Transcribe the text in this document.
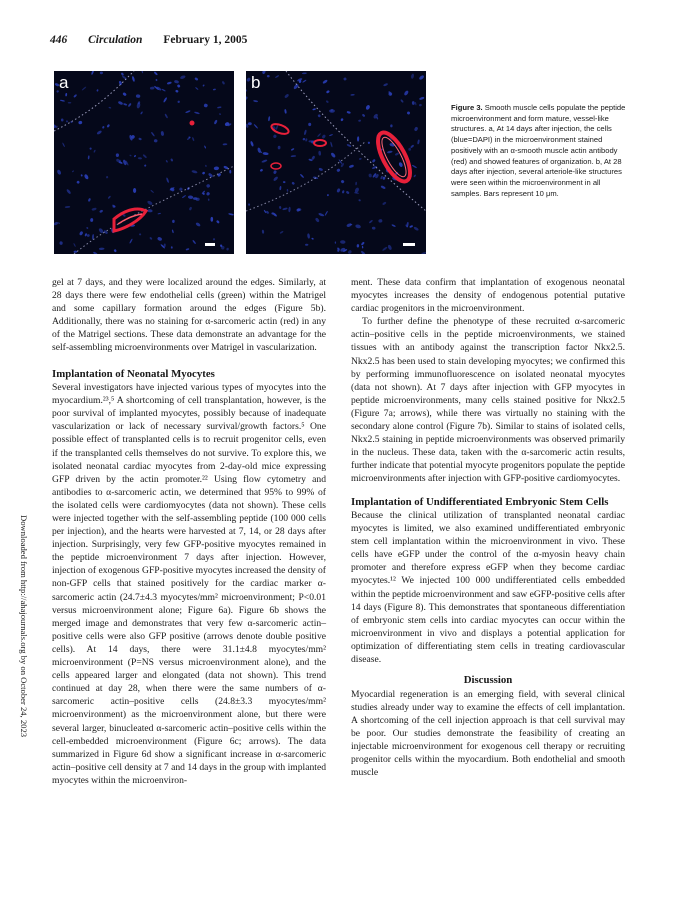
446 Circulation February 1, 2005
a	b
Figure 3. Smooth muscle cells populate the peptide microenvironment and form mature, vessel-like structures. a, At 14 days after injection, the cells (blue=DAPI) in the microenvironment stained positively with an α-smooth muscle actin antibody (red) and showed features of organization. b, At 28 days after injection, several arteriole-like structures were seen within the microenvironment in all samples. Bars represent 10 μm.

gel at 7 days, and they were localized around the edges. Similarly, at 28 days there were few endothelial cells (green) within the Matrigel and some capillary formation around the edges (Figure 5b). Additionally, there was no staining for α-sarcomeric actin (red) in any of the Matrigel sections. These data demonstrate an advantage for the self-assembling microenvironments over Matrigel in vascularization.

Implantation of Neonatal Myocytes

Several investigators have injected various types of myocytes into the myocardium.²³,⁵ A shortcoming of cell transplantation, however, is the poor survival of implanted myocytes, possibly because of inadequate vascularization or lack of necessary survival/growth factors.⁵ One possible effect of transplanted cells is to recruit progenitor cells, even if the transplanted cells themselves do not survive. To explore this, we isolated neonatal cardiac myocytes from 2-day-old mice expressing GFP driven by the actin promoter.²² Using flow cytometry and antibodies to α-sarcomeric actin, we determined that 95% to 99% of the isolated cells were cardiomyocytes (data not shown). These cells were injected together with the self-assembling peptide (100 000 cells per injection), and the hearts were harvested at 7, 14, or 28 days after injection. Surprisingly, very few GFP-positive myocytes remained in the peptide microenvironment 7 days after injection. However, injection of exogenous GFP-positive myocytes increased the density of non-GFP cells that stained positively for the cardiac marker α-sarcomeric actin (24.7±4.3 myocytes/mm² microenvironment; P<0.01 versus microenvironment alone; Figure 6a). Figure 6b shows the merged image and demonstrates that very few α-sarcomeric actin–positive cells were also GFP positive (arrows denote double positive cells). At 14 days, there were 31.1±4.8 myocytes/mm² microenvironment (P=NS versus microenvironment alone), and the cells appeared larger and elongated (data not shown). This trend continued at day 28, when there were the same numbers of α-sarcomeric actin–positive cells (24.8±3.3 myocytes/mm² microenvironment) as the microenvironment alone, but there were several larger, binucleated α-sarcomeric actin–positive cells within the cell-embedded microenvironment (Figure 6c; arrows). The data summarized in Figure 6d show a significant increase in α-sarcomeric actin–positive cell density at 7 and 14 days in the group with implanted myocytes within the microenviron-

ment. These data confirm that implantation of exogenous neonatal myocytes increases the density of endogenous potential putative cardiac progenitors in the microenvironment.

To further define the phenotype of these recruited α-sarcomeric actin–positive cells in the peptide microenvironments, we stained tissues with an antibody against the transcription factor Nkx2.5. Nkx2.5 has been used to stain developing myocytes; we confirmed this by performing immunofluorescence on isolated neonatal myocytes (data not shown). At 7 days after injection with GFP myocytes in peptide microenvironments, many cells stained positive for Nkx2.5 (Figure 7a; arrows), while there was virtually no staining with the secondary alone control (Figure 7b). Similar to stains of isolated cells, Nkx2.5 staining in peptide microenvironments was observed primarily in the nucleus. These data, taken with the α-sarcomeric actin results, further indicate that potential myocyte progenitors populate the peptide microenvironments after injection with GFP-positive cardiomyocytes.

Implantation of Undifferentiated Embryonic Stem Cells

Because the clinical utilization of transplanted neonatal cardiac myocytes is limited, we also examined undifferentiated embryonic stem cell implantation within the microenvironment in vivo. These cells have eGFP under the control of the α-myosin heavy chain promoter and therefore express eGFP when they become cardiac myocytes.¹² We injected 100 000 undifferentiated cells embedded within the peptide microenvironment and saw eGFP-positive cells after 14 days (Figure 8). This demonstrates that spontaneous differentiation of embryonic stem cells into cardiac myocytes can occur within the microenvironment in vivo and displays a potential application for optimization of differentiating stem cells in treating cardiovascular disease.

Discussion

Myocardial regeneration is an emerging field, with several clinical studies already under way to examine the effects of cell implantation. A shortcoming of the cell injection approach is that cell survival may be poor. Our studies demonstrate the feasibility of creating an injectable microenvironment for exogenous cell therapy or recruiting progenitor cells within the myocardium. Both endothelial and smooth muscle

Downloaded from http://ahajournals.org by on October 24, 2023
